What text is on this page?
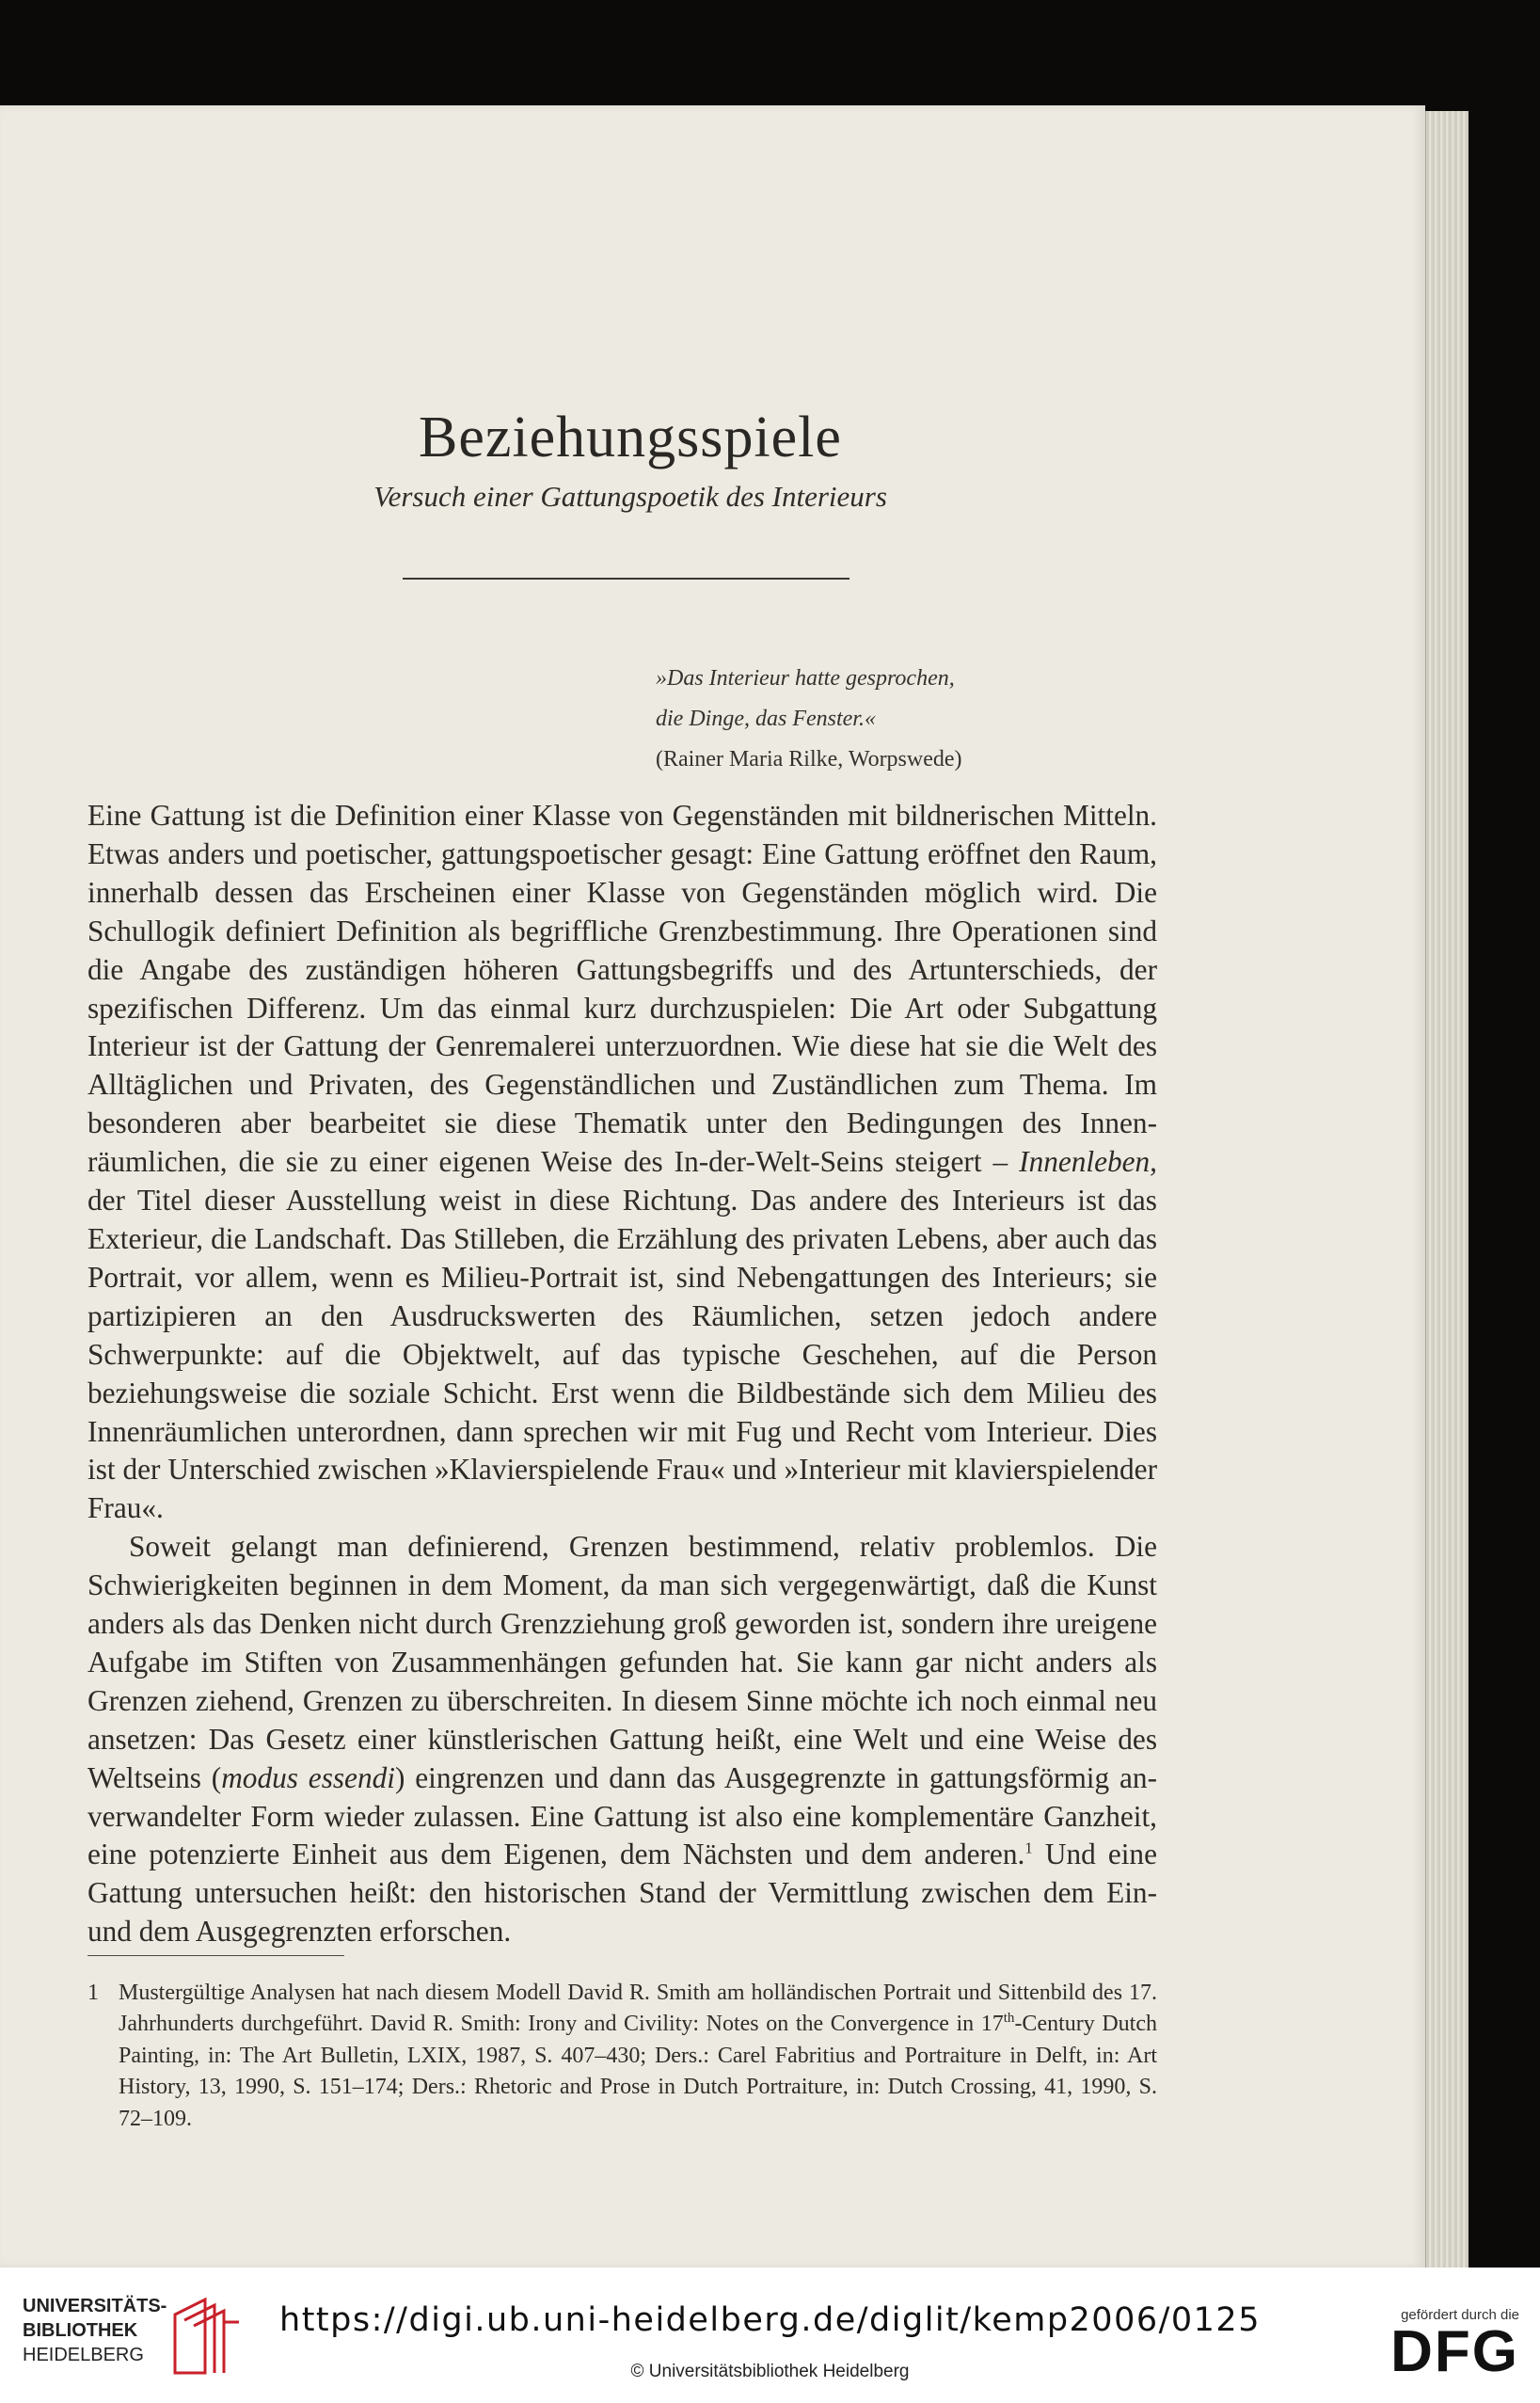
Beziehungsspiele
Versuch einer Gattungspoetik des Interieurs
»Das Interieur hatte gesprochen,
die Dinge, das Fenster.«
(Rainer Maria Rilke, Worpswede)

Eine Gattung ist die Definition einer Klasse von Gegenständen mit bildnerischen Mitteln. Etwas anders und poetischer, gattungspoetischer gesagt: Eine Gattung eröffnet den Raum, innerhalb dessen das Erscheinen einer Klasse von Gegenständen möglich wird. Die Schullogik definiert Definition als begriffliche Grenzbestimmung. Ihre Operationen sind die Angabe des zuständigen höheren Gattungsbegriffs und des Artunterschieds, der spezifischen Differenz. Um das einmal kurz durchzuspielen: Die Art oder Subgattung Interieur ist der Gattung der Genremalerei unterzuordnen. Wie diese hat sie die Welt des Alltäglichen und Privaten, des Gegenständlichen und Zuständlichen zum Thema. Im besonderen aber bearbeitet sie diese Thematik unter den Bedingungen des Innenräumlichen, die sie zu einer eigenen Weise des In-der-Welt-Seins steigert – Innenleben, der Titel dieser Ausstellung weist in diese Richtung. Das andere des Interieurs ist das Exterieur, die Landschaft. Das Stilleben, die Erzählung des privaten Lebens, aber auch das Portrait, vor allem, wenn es Milieu-Portrait ist, sind Nebengattungen des Interieurs; sie partizipieren an den Ausdruckswerten des Räumlichen, setzen jedoch andere Schwerpunkte: auf die Objektwelt, auf das typische Geschehen, auf die Person beziehungsweise die soziale Schicht. Erst wenn die Bildbestände sich dem Milieu des Innenräumlichen unterordnen, dann sprechen wir mit Fug und Recht vom Interieur. Dies ist der Unterschied zwischen »Klavierspielende Frau« und »Interieur mit klavierspielender Frau«.

Soweit gelangt man definierend, Grenzen bestimmend, relativ problemlos. Die Schwierigkeiten beginnen in dem Moment, da man sich vergegenwärtigt, daß die Kunst anders als das Denken nicht durch Grenzziehung groß geworden ist, sondern ihre ureigene Aufgabe im Stiften von Zusammenhängen gefunden hat. Sie kann gar nicht anders als Grenzen ziehend, Grenzen zu überschreiten. In diesem Sinne möchte ich noch einmal neu ansetzen: Das Gesetz einer künstlerischen Gattung heißt, eine Welt und eine Weise des Weltseins (modus essendi) eingrenzen und dann das Ausgegrenzte in gattungsförmig anverwandelter Form wieder zulassen. Eine Gattung ist also eine komplementäre Ganzheit, eine potenzierte Einheit aus dem Eigenen, dem Nächsten und dem anderen.$^1$ Und eine Gattung untersuchen heißt: den historischen Stand der Vermittlung zwischen dem Ein- und dem Ausgegrenzten erforschen.

1 Mustergültige Analysen hat nach diesem Modell David R. Smith am holländischen Portrait und Sittenbild des 17. Jahrhunderts durchgeführt. David R. Smith: Irony and Civility: Notes on the Convergence in 17th-Century Dutch Painting, in: The Art Bulletin, LXIX, 1987, S. 407–430; Ders.: Carel Fabritius and Portraiture in Delft, in: Art History, 13, 1990, S. 151–174; Ders.: Rhetoric and Prose in Dutch Portraiture, in: Dutch Crossing, 41, 1990, S. 72–109.
UNIVERSITÄTS-
BIBLIOTHEK
HEIDELBERG
https://digi.ub.uni-heidelberg.de/diglit/kemp2006/0125
© Universitätsbibliothek Heidelberg
gefördert durch die
DFG
